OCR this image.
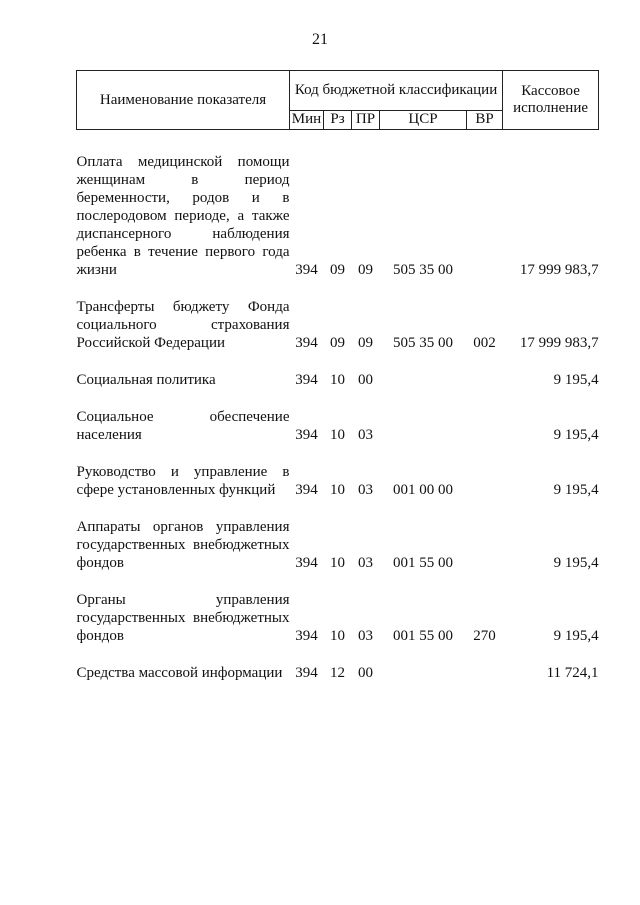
21
Наименование показателя	Код бюджетной классификации					Кассовое исполнение
	Мин	Рз	ПР	ЦСР	ВР	

Оплата медицинской помощи женщинам в период беременности, родов и в послеродовом периоде, а также диспансерного наблюдения ребенка в течение первого года жизни	394	09	09	505 35 00		17 999 983,7

Трансферты бюджету Фонда социального страхования Российской Федерации	394	09	09	505 35 00	002	17 999 983,7

Социальная политика	394	10	00			9 195,4

Социальное обеспечение населения	394	10	03			9 195,4

Руководство и управление в сфере установленных функций	394	10	03	001 00 00		9 195,4

Аппараты органов управления государственных внебюджетных фондов	394	10	03	001 55 00		9 195,4

Органы управления государственных внебюджетных фондов	394	10	03	001 55 00	270	9 195,4

Средства массовой информации	394	12	00			11 724,1
